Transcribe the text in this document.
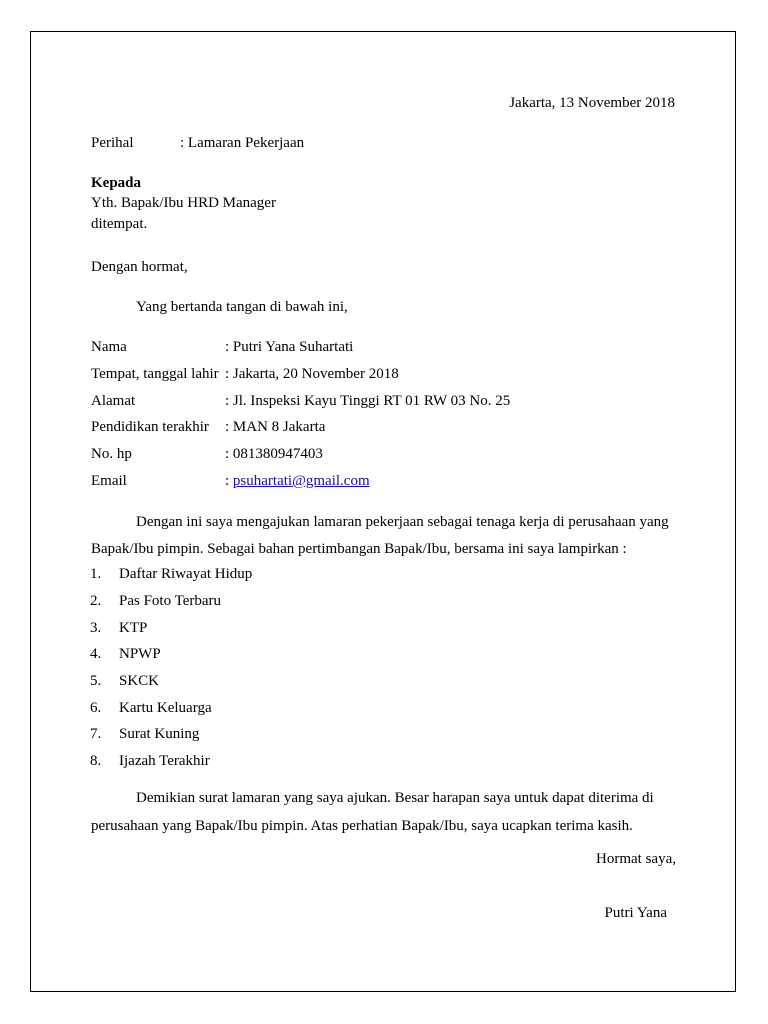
Jakarta, 13 November 2018
Perihal	: Lamaran Pekerjaan
Kepada
Yth. Bapak/Ibu HRD Manager
ditempat.
Dengan hormat,
Yang bertanda tangan di bawah ini,
Nama	: Putri Yana Suhartati
Tempat, tanggal lahir : Jakarta, 20 November 2018
Alamat	: Jl. Inspeksi Kayu Tinggi RT 01 RW 03 No. 25
Pendidikan terakhir : MAN 8 Jakarta
No. hp	: 081380947403
Email	: psuhartati@gmail.com
Dengan ini saya mengajukan lamaran pekerjaan sebagai tenaga kerja di perusahaan yang
Bapak/Ibu pimpin. Sebagai bahan pertimbangan Bapak/Ibu, bersama ini saya lampirkan :
1. Daftar Riwayat Hidup
2. Pas Foto Terbaru
3. KTP
4. NPWP
5. SKCK
6. Kartu Keluarga
7. Surat Kuning
8. Ijazah Terakhir
Demikian surat lamaran yang saya ajukan. Besar harapan saya untuk dapat diterima di
perusahaan yang Bapak/Ibu pimpin. Atas perhatian Bapak/Ibu, saya ucapkan terima kasih.
Hormat saya,
Putri Yana
